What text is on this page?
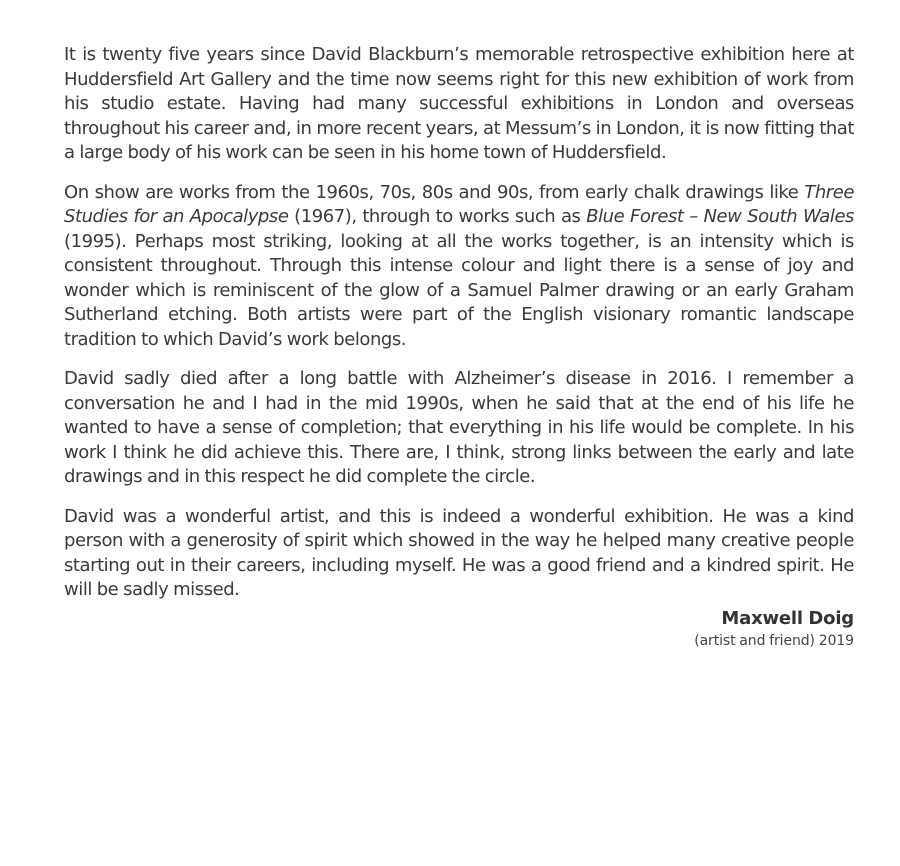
It is twenty five years since David Blackburn’s memorable retrospective exhibition here at Huddersfield Art Gallery and the time now seems right for this new exhibition of work from his studio estate. Having had many successful exhibitions in London and overseas throughout his career and, in more recent years, at Messum’s in London, it is now fitting that a large body of his work can be seen in his home town of Huddersfield.

On show are works from the 1960s, 70s, 80s and 90s, from early chalk drawings like Three Studies for an Apocalypse (1967), through to works such as Blue Forest – New South Wales (1995). Perhaps most striking, looking at all the works together, is an intensity which is consistent throughout. Through this intense colour and light there is a sense of joy and wonder which is reminiscent of the glow of a Samuel Palmer drawing or an early Graham Sutherland etching. Both artists were part of the English visionary romantic landscape tradition to which David’s work belongs.

David sadly died after a long battle with Alzheimer’s disease in 2016. I remember a conversation he and I had in the mid 1990s, when he said that at the end of his life he wanted to have a sense of completion; that everything in his life would be complete. In his work I think he did achieve this. There are, I think, strong links between the early and late drawings and in this respect he did complete the circle.

David was a wonderful artist, and this is indeed a wonderful exhibition. He was a kind person with a generosity of spirit which showed in the way he helped many creative people starting out in their careers, including myself. He was a good friend and a kindred spirit. He will be sadly missed.

Maxwell Doig
(artist and friend) 2019
